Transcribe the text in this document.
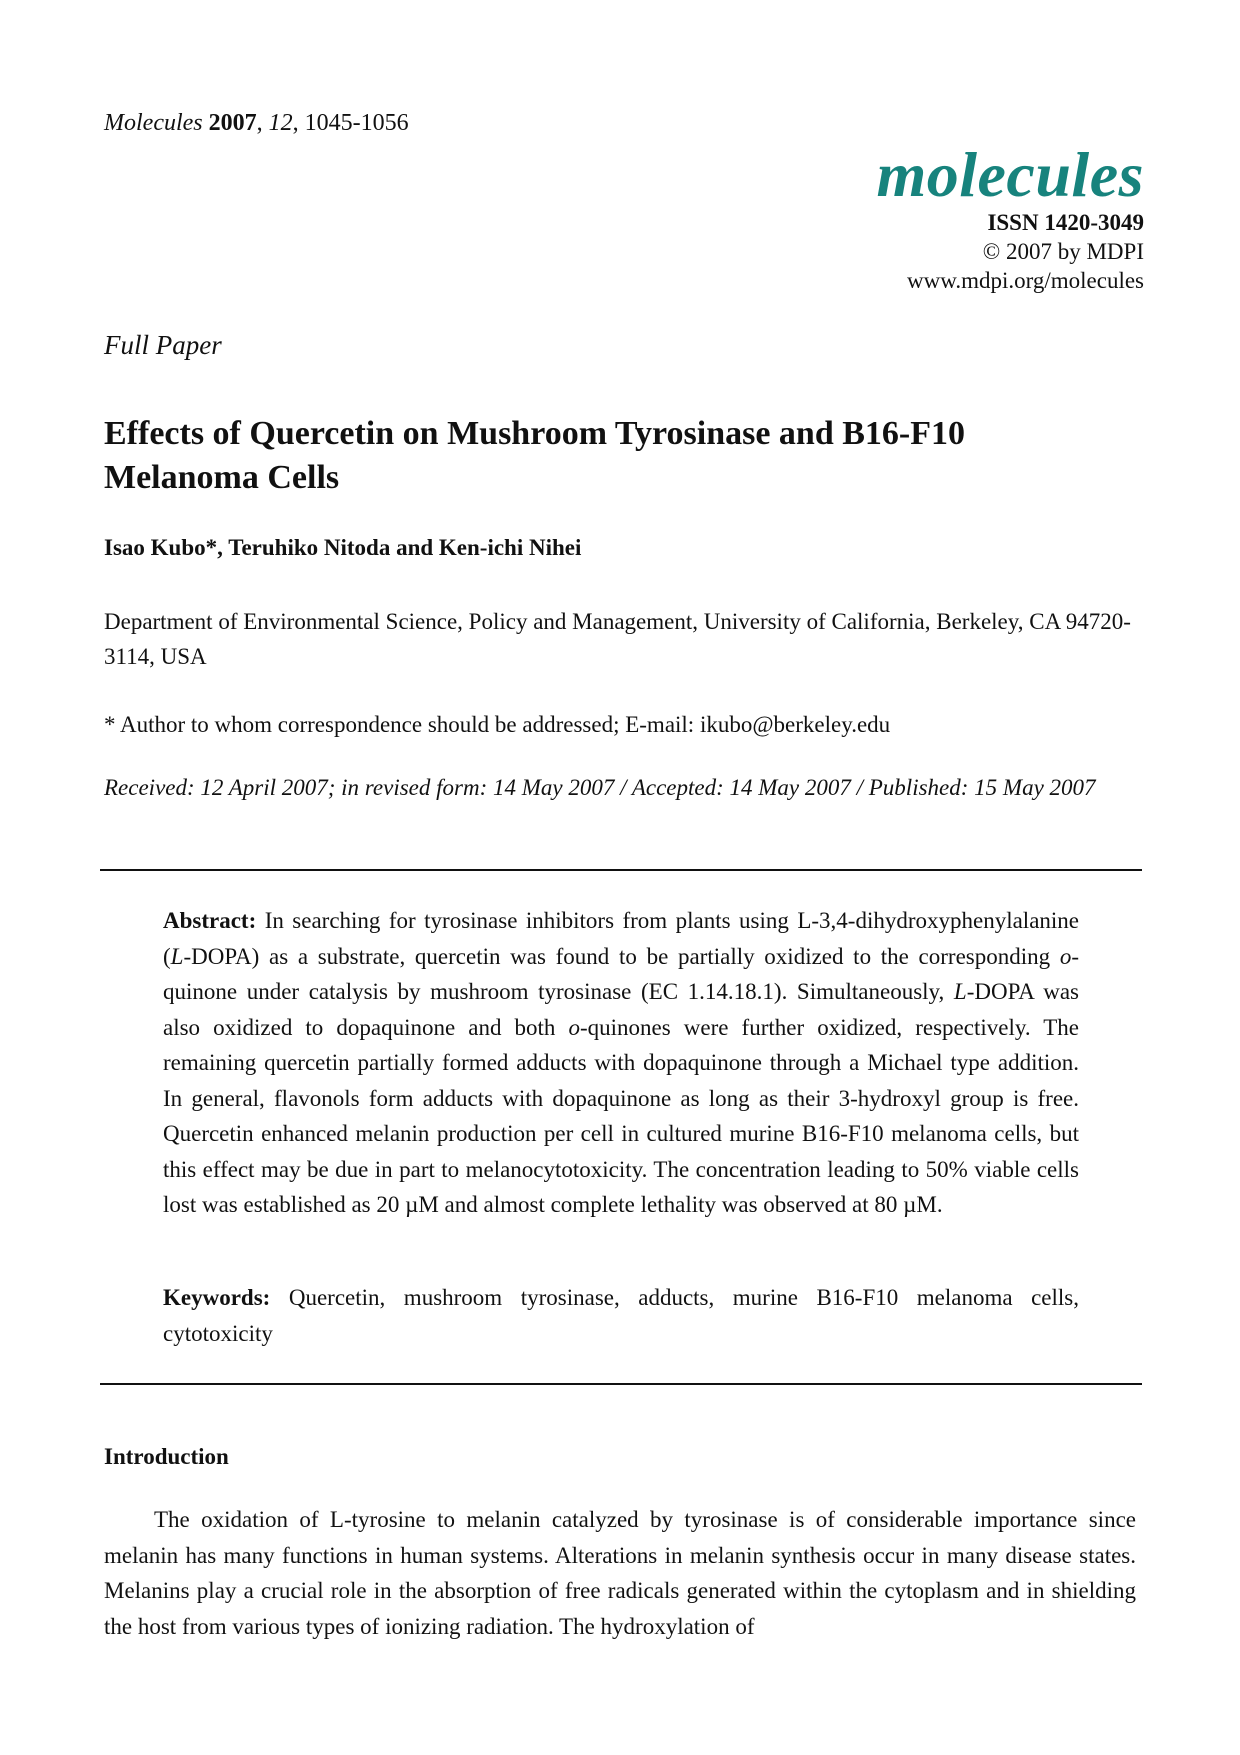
Molecules 2007, 12, 1045-1056
molecules
ISSN 1420-3049
© 2007 by MDPI
www.mdpi.org/molecules
Full Paper
Effects of Quercetin on Mushroom Tyrosinase and B16-F10 Melanoma Cells
Isao Kubo*, Teruhiko Nitoda and Ken-ichi Nihei
Department of Environmental Science, Policy and Management, University of California, Berkeley, CA 94720-3114, USA
* Author to whom correspondence should be addressed; E-mail: ikubo@berkeley.edu
Received: 12 April 2007; in revised form: 14 May 2007 / Accepted: 14 May 2007 / Published: 15 May 2007

Abstract: In searching for tyrosinase inhibitors from plants using L-3,4-dihydroxyphenylalanine (L-DOPA) as a substrate, quercetin was found to be partially oxidized to the corresponding o-quinone under catalysis by mushroom tyrosinase (EC 1.14.18.1). Simultaneously, L-DOPA was also oxidized to dopaquinone and both o-quinones were further oxidized, respectively. The remaining quercetin partially formed adducts with dopaquinone through a Michael type addition. In general, flavonols form adducts with dopaquinone as long as their 3-hydroxyl group is free. Quercetin enhanced melanin production per cell in cultured murine B16-F10 melanoma cells, but this effect may be due in part to melanocytotoxicity. The concentration leading to 50% viable cells lost was established as 20 µM and almost complete lethality was observed at 80 µM.

Keywords: Quercetin, mushroom tyrosinase, adducts, murine B16-F10 melanoma cells, cytotoxicity

Introduction

The oxidation of L-tyrosine to melanin catalyzed by tyrosinase is of considerable importance since melanin has many functions in human systems. Alterations in melanin synthesis occur in many disease states. Melanins play a crucial role in the absorption of free radicals generated within the cytoplasm and in shielding the host from various types of ionizing radiation. The hydroxylation of
